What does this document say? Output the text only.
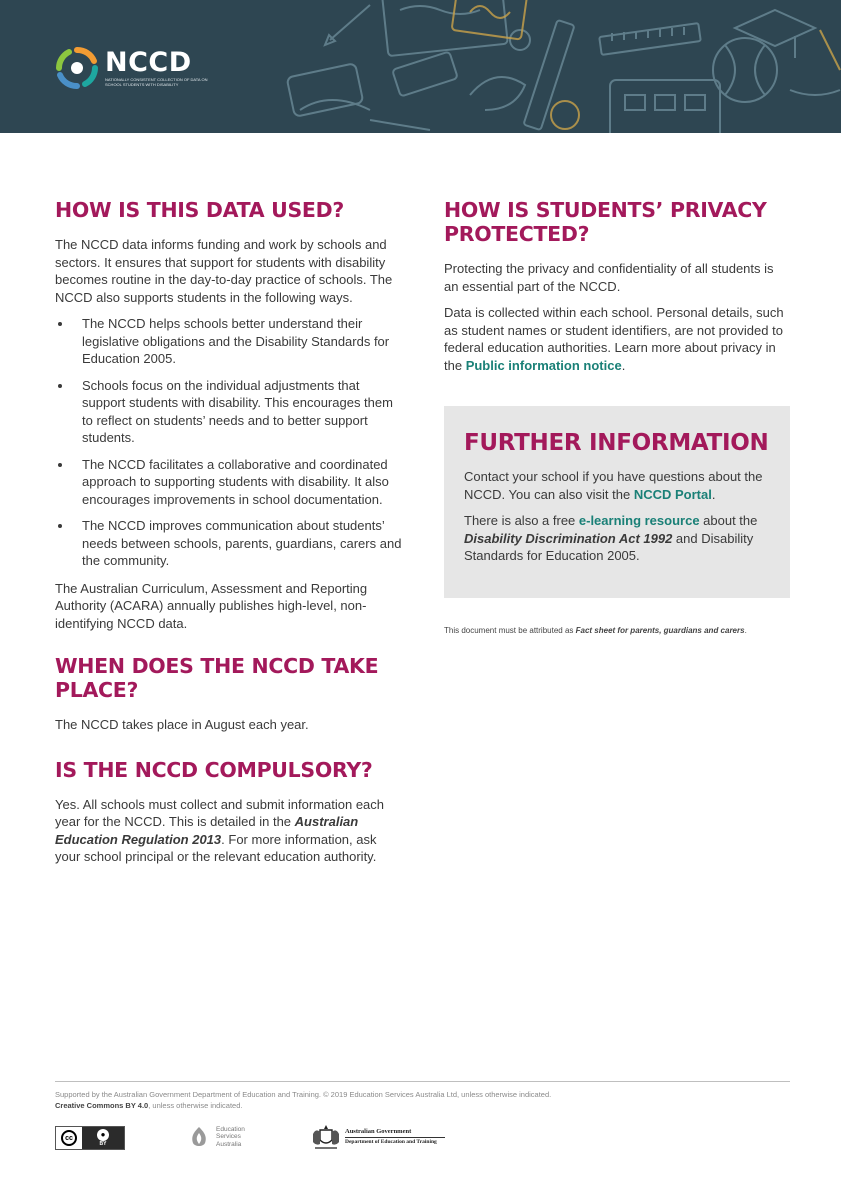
NCCD
NATIONALLY CONSISTENT COLLECTION OF DATA ON SCHOOL STUDENTS WITH DISABILITY
HOW IS THIS DATA USED?

The NCCD data informs funding and work by schools and sectors. It ensures that support for students with disability becomes routine in the day-to-day practice of schools. The NCCD also supports students in the following ways.

The NCCD helps schools better understand their legislative obligations and the Disability Standards for Education 2005.
Schools focus on the individual adjustments that support students with disability. This encourages them to reflect on students’ needs and to better support students.
The NCCD facilitates a collaborative and coordinated approach to supporting students with disability. It also encourages improvements in school documentation.
The NCCD improves communication about students’ needs between schools, parents, guardians, carers and the community.

The Australian Curriculum, Assessment and Reporting Authority (ACARA) annually publishes high-level, non-identifying NCCD data.

WHEN DOES THE NCCD TAKE PLACE?

The NCCD takes place in August each year.

IS THE NCCD COMPULSORY?

Yes. All schools must collect and submit information each year for the NCCD. This is detailed in the Australian Education Regulation 2013. For more information, ask your school principal or the relevant education authority.

HOW IS STUDENTS’ PRIVACY PROTECTED?

Protecting the privacy and confidentiality of all students is an essential part of the NCCD.

Data is collected within each school. Personal details, such as student names or student identifiers, are not provided to federal education authorities. Learn more about privacy in the Public information notice.

FURTHER INFORMATION

Contact your school if you have questions about the NCCD. You can also visit the NCCD Portal.

There is also a free e-learning resource about the Disability Discrimination Act 1992 and Disability Standards for Education 2005.

This document must be attributed as Fact sheet for parents, guardians and carers.
Supported by the Australian Government Department of Education and Training. © 2019 Education Services Australia Ltd, unless otherwise indicated.
Creative Commons BY 4.0, unless otherwise indicated.
cc	●
BY
Education
Services
Australia
Australian Government
Department of Education and Training
